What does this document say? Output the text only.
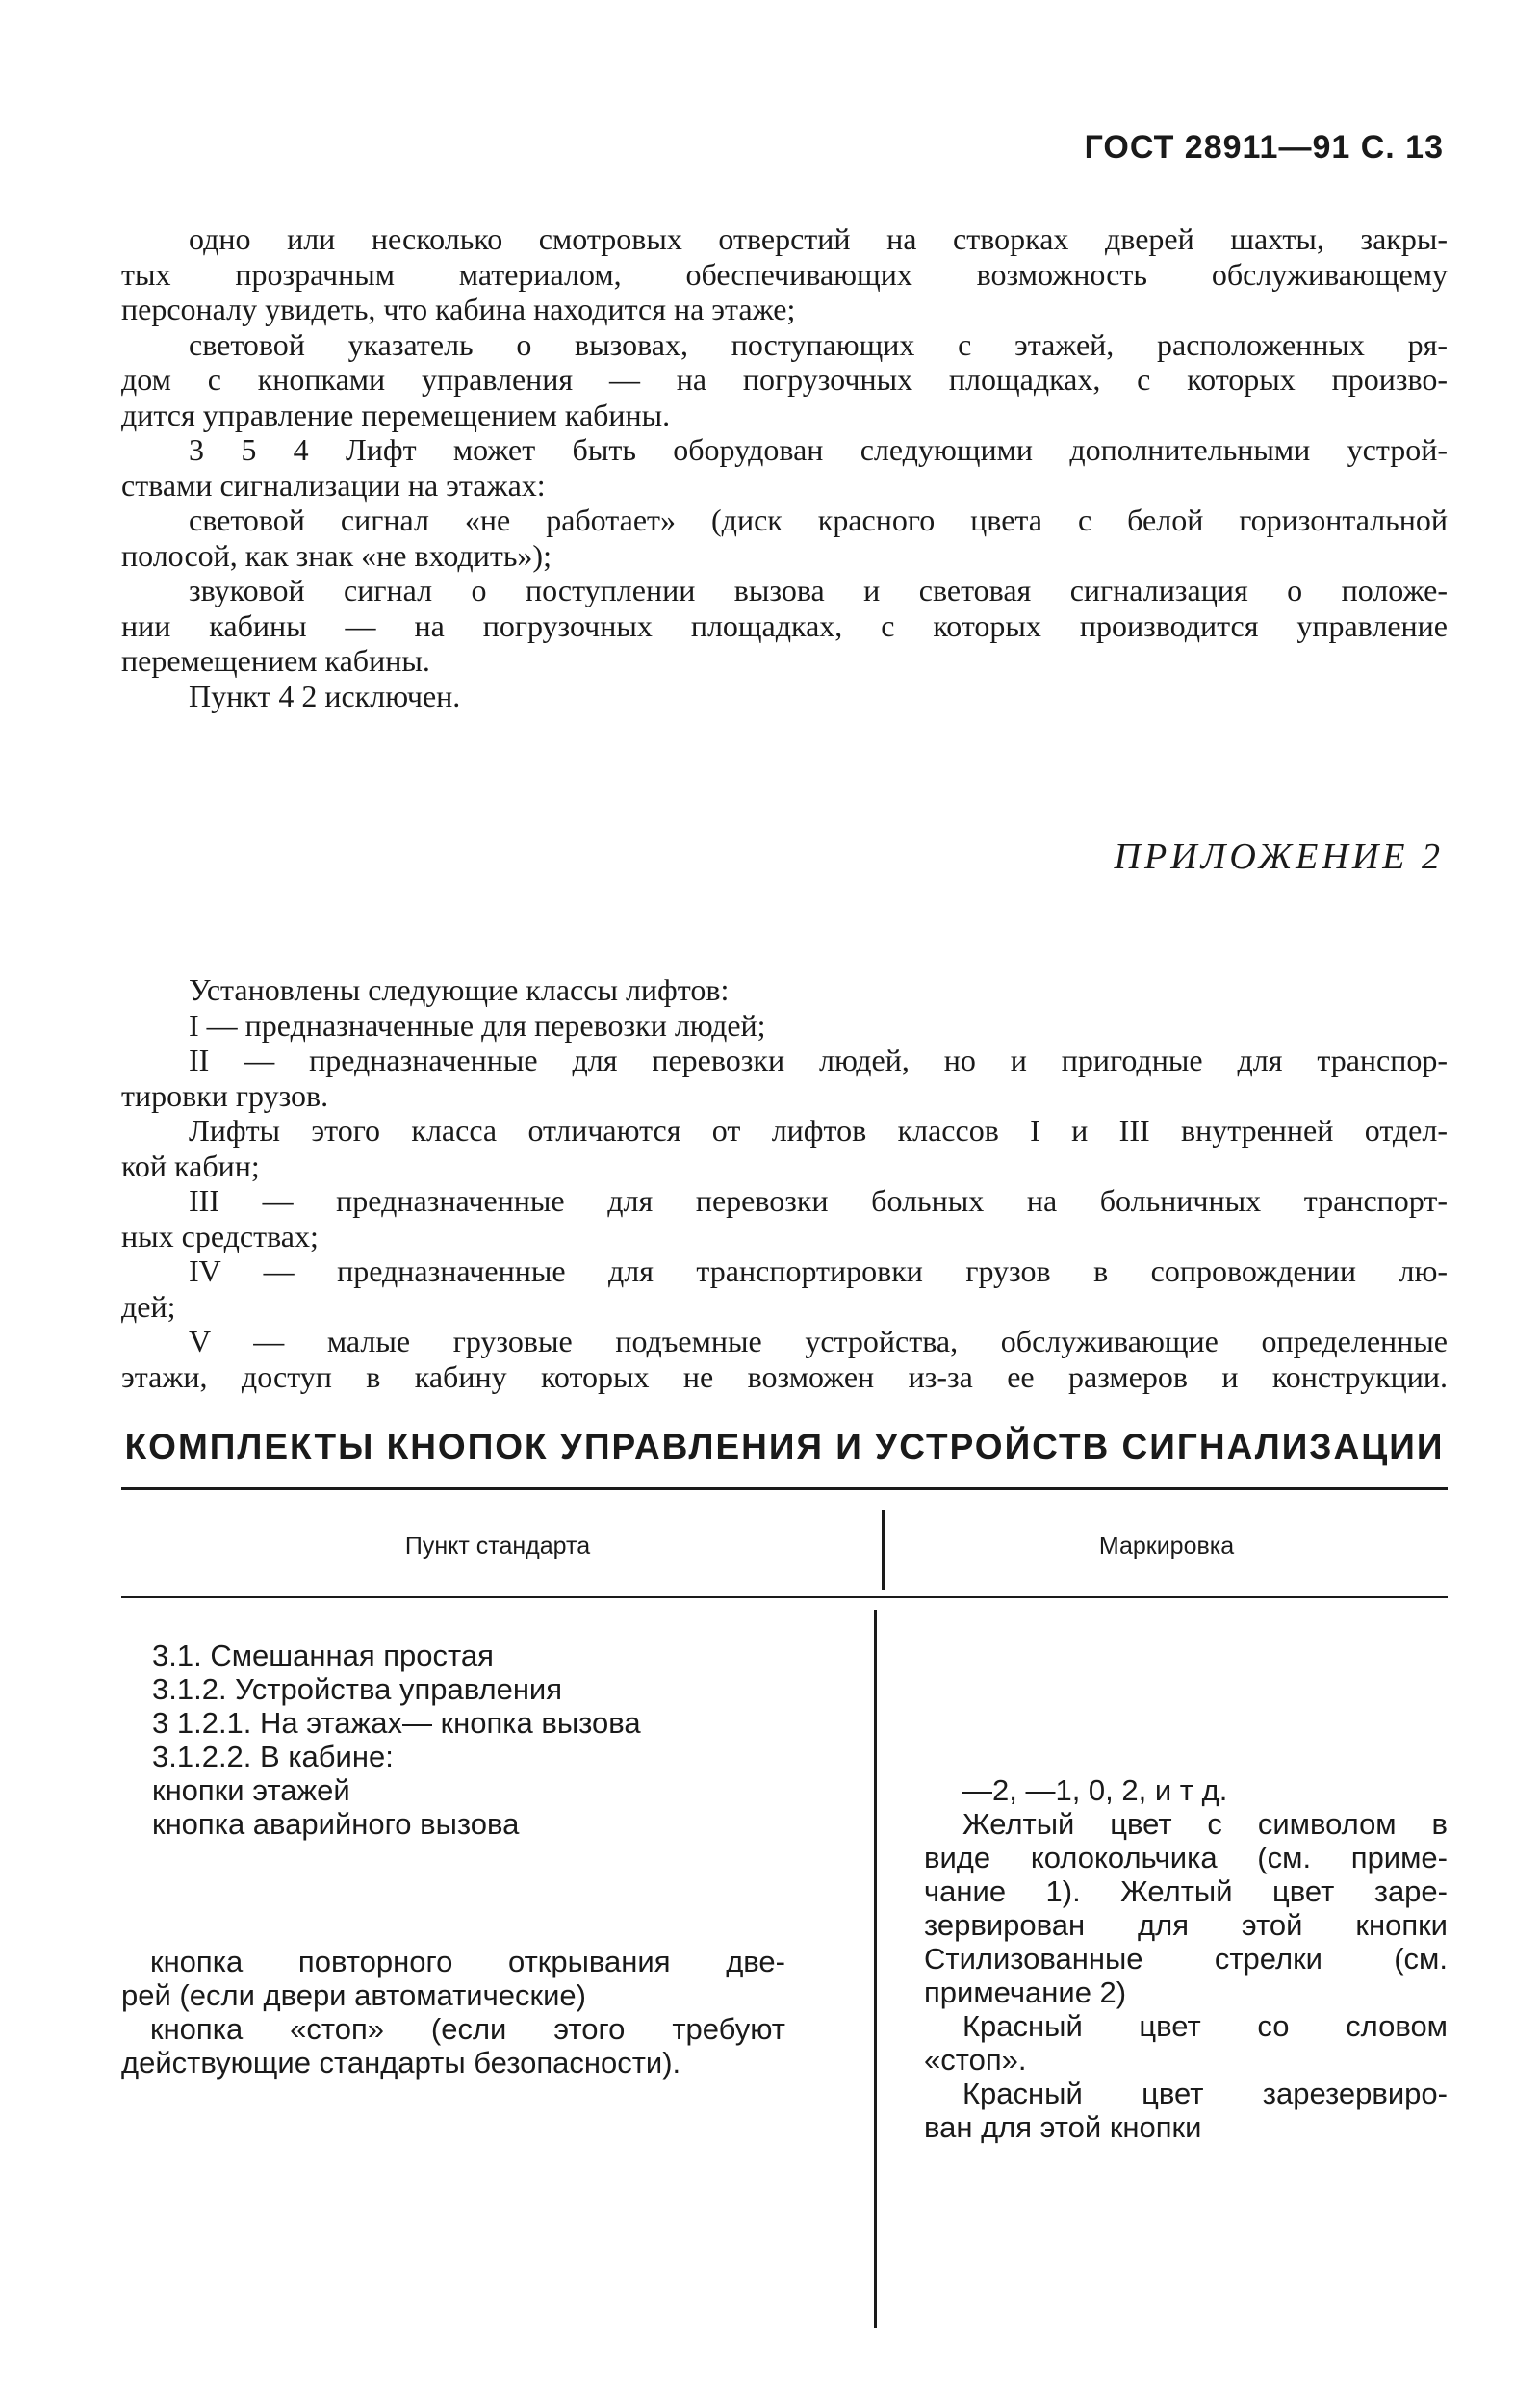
ГОСТ 28911—91 С. 13

одно или несколько смотровых отверстий на створках дверей шахты, закры-

тых прозрачным материалом, обеспечивающих возможность обслуживающему

персоналу увидеть, что кабина находится на этаже;

световой указатель о вызовах, поступающих с этажей, расположенных ря-

дом с кнопками управления — на погрузочных площадках, с которых произво-

дится управление перемещением кабины.

3 5 4 Лифт может быть оборудован следующими дополнительными устрой-

ствами сигнализации на этажах:

световой сигнал «не работает» (диск красного цвета с белой горизонтальной

полосой, как знак «не входить»);

звуковой сигнал о поступлении вызова и световая сигнализация о положе-

нии кабины — на погрузочных площадках, с которых производится управление

перемещением кабины.

Пункт 4 2 исключен.

ПРИЛОЖЕНИЕ 2

Установлены следующие классы лифтов:

I — предназначенные для перевозки людей;

II — предназначенные для перевозки людей, но и пригодные для транспор-

тировки грузов.

Лифты этого класса отличаются от лифтов классов I и III внутренней отдел-

кой кабин;

III — предназначенные для перевозки больных на больничных транспорт-

ных средствах;

IV — предназначенные для транспортировки грузов в сопровождении лю-

дей;

V — малые грузовые подъемные устройства, обслуживающие определенные

этажи, доступ в кабину которых не возможен из-за ее размеров и конструкции.

КОМПЛЕКТЫ КНОПОК УПРАВЛЕНИЯ И УСТРОЙСТВ СИГНАЛИЗАЦИИ
Пункт стандарта	Маркировка

3.1. Смешанная простая

3.1.2. Устройства управления

3 1.2.1. На этажах— кнопка вызова

3.1.2.2. В кабине:

кнопки этажей

кнопка аварийного вызова

кнопка повторного открывания две-

рей (если двери автоматические)

кнопка «стоп» (если этого требуют

действующие стандарты безопасности).

—2, —1, 0, 2, и т д.

Желтый цвет с символом в

виде колокольчика (см. приме-

чание 1). Желтый цвет заре-

зервирован для этой кнопки

Стилизованные стрелки (см.

примечание 2)

Красный цвет со словом

«стоп».

Красный цвет зарезервиро-

ван для этой кнопки
